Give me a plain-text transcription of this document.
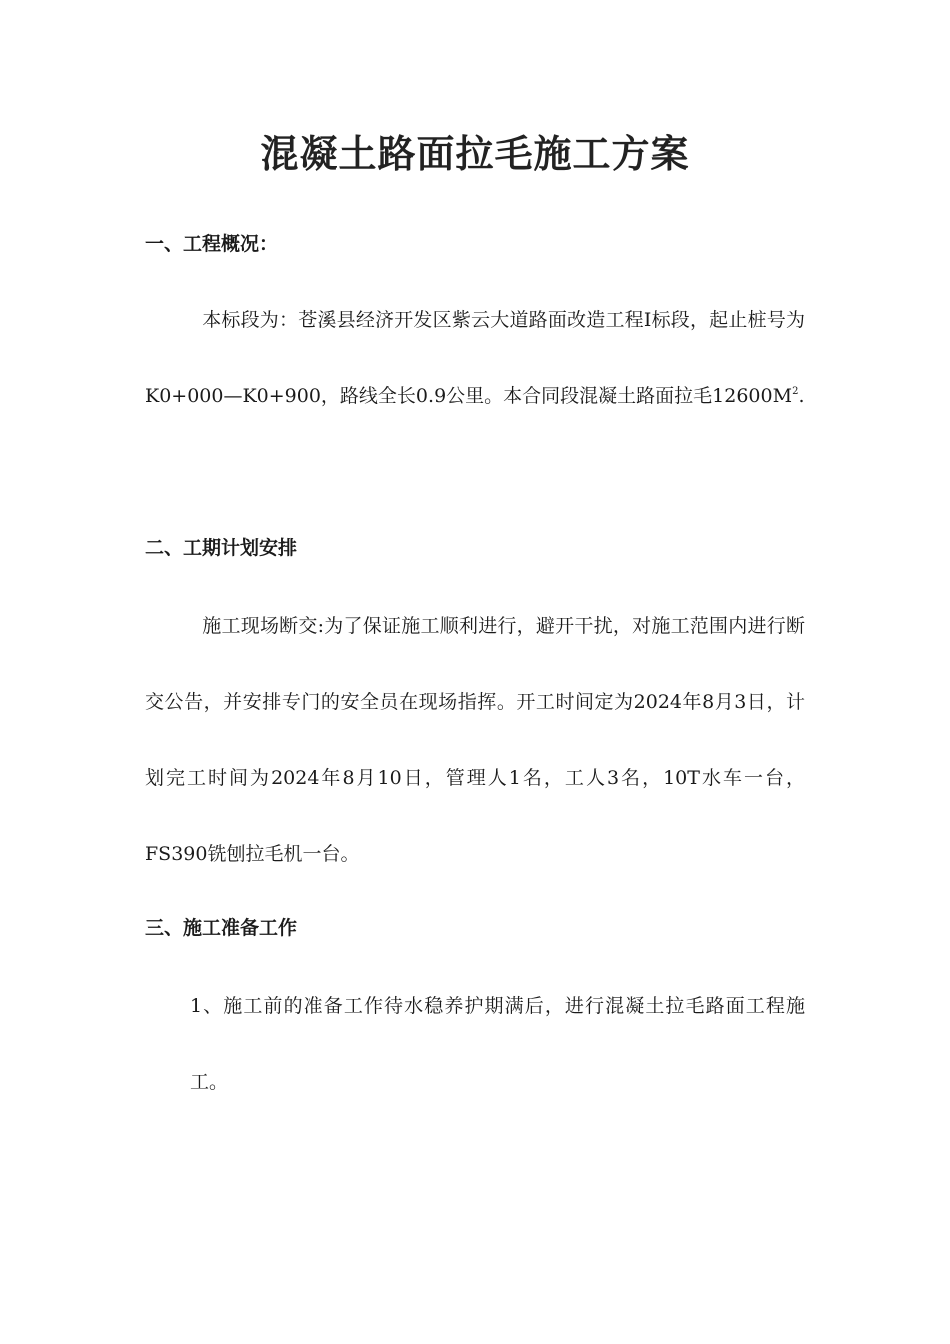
混凝土路面拉毛施工方案
一、工程概况：

本标段为：苍溪县经济开发区紫云大道路面改造工程Ⅰ标段，起止桩号为K0+000—K0+900，路线全长0.9公里。本合同段混凝土路面拉毛$12600M^2$.

二、工期计划安排

施工现场断交:为了保证施工顺利进行，避开干扰，对施工范围内进行断交公告，并安排专门的安全员在现场指挥。开工时间定为2024年8月3日，计划完工时间为2024年8月10日，管理人1名，工人3名，10T水车一台，FS390铣刨拉毛机一台。

三、施工准备工作

1、施工前的准备工作待水稳养护期满后，进行混凝土拉毛路面工程施工。
